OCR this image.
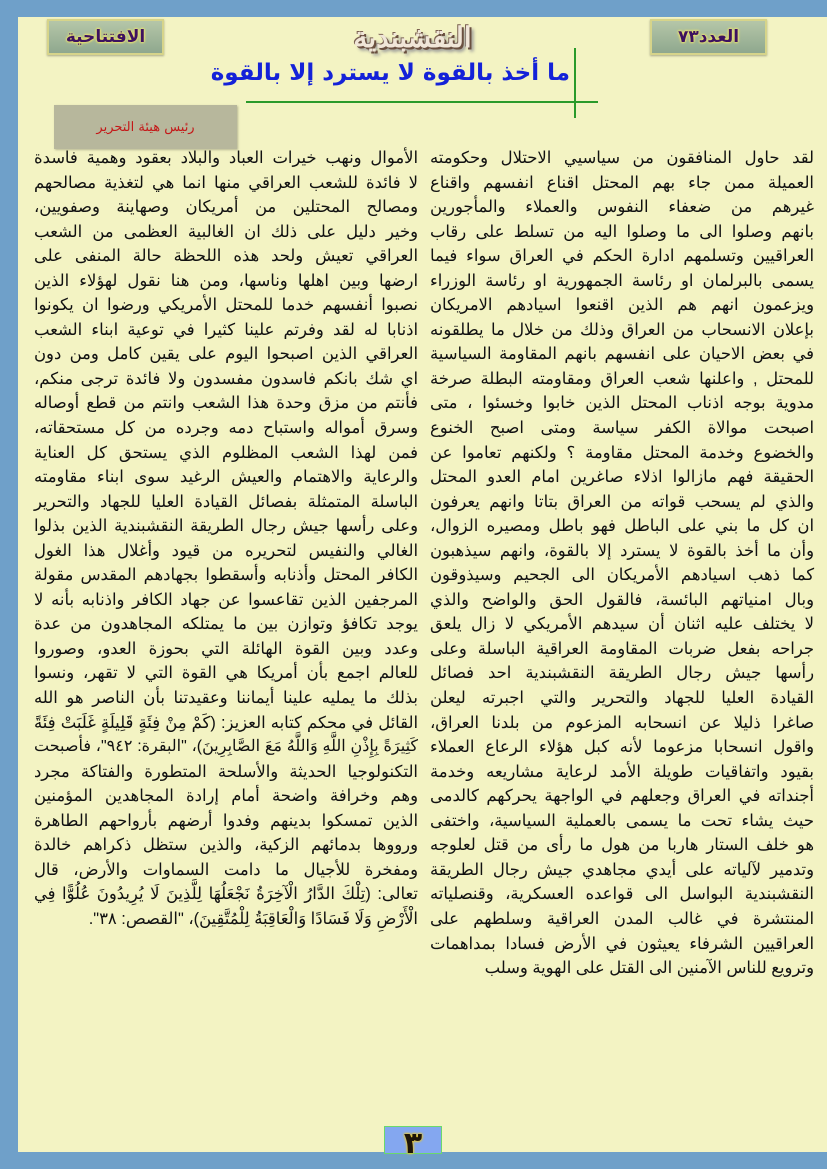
الافتتاحية	العدد٧٣
النقشبندية
ما أخذ بالقوة لا يسترد إلا بالقوة
رئيس هيئة التحرير

لقد حاول المنافقون من سياسيي الاحتلال وحكومته

العميلة ممن جاء بهم المحتل اقناع انفسهم واقناع

غيرهم من ضعفاء النفوس والعملاء والمأجورين

بانهم وصلوا الى ما وصلوا اليه من تسلط على رقاب

العراقيين وتسلمهم ادارة الحكم في العراق سواء فيما

يسمى بالبرلمان او رئاسة الجمهورية او رئاسة الوزراء

ويزعمون انهم هم الذين اقنعوا اسيادهم الامريكان

بإعلان الانسحاب من العراق وذلك من خلال ما يطلقونه

في بعض الاحيان على انفسهم بانهم المقاومة السياسية

للمحتل , واعلنها شعب العراق ومقاومته البطلة صرخة

مدوية بوجه اذناب المحتل الذين خابوا وخسئوا ، متى

اصبحت موالاة الكفر سياسة ومتى اصبح الخنوع

والخضوع وخدمة المحتل مقاومة ؟ ولكنهم تعاموا عن

الحقيقة فهم مازالوا اذلاء صاغرين امام العدو المحتل

والذي لم يسحب قواته من العراق بتاتا وانهم يعرفون

ان كل ما بني على الباطل فهو باطل ومصيره الزوال،

وأن ما أخذ بالقوة لا يسترد إلا بالقوة، وانهم سيذهبون

كما ذهب اسيادهم الأمريكان الى الجحيم وسيذوقون

وبال امنياتهم البائسة، فالقول الحق والواضح والذي

لا يختلف عليه اثنان أن سيدهم الأمريكي لا زال يلعق

جراحه بفعل ضربات المقاومة العراقية الباسلة وعلى

رأسها جيش رجال الطريقة النقشبندية احد فصائل

القيادة العليا للجهاد والتحرير والتي اجبرته ليعلن

صاغرا ذليلا عن انسحابه المزعوم من بلدنا العراق،

واقول انسحابا مزعوما لأنه كبل هؤلاء الرعاع العملاء

بقيود واتفاقيات طويلة الأمد لرعاية مشاريعه وخدمة

أجنداته في العراق وجعلهم في الواجهة يحركهم كالدمى

حيث يشاء تحت ما يسمى بالعملية السياسية، واختفى

هو خلف الستار هاربا من هول ما رأى من قتل لعلوجه

وتدمير لآلياته على أيدي مجاهدي جيش رجال الطريقة

النقشبندية البواسل الى قواعده العسكرية، وقنصلياته

المنتشرة في غالب المدن العراقية وسلطهم على

العراقيين الشرفاء يعيثون في الأرض فسادا بمداهمات

وترويع للناس الآمنين الى القتل على الهوية وسلب

الأموال ونهب خيرات العباد والبلاد بعقود وهمية فاسدة

لا فائدة للشعب العراقي منها انما هي لتغذية مصالحهم

ومصالح المحتلين من أمريكان وصهاينة وصفويين،

وخير دليل على ذلك ان الغالبية العظمى من الشعب

العراقي تعيش ولحد هذه اللحظة حالة المنفى على

ارضها وبين اهلها وناسها، ومن هنا نقول لهؤلاء الذين

نصبوا أنفسهم خدما للمحتل الأمريكي ورضوا ان يكونوا

اذنابا له لقد وفرتم علينا كثيرا في توعية ابناء الشعب

العراقي الذين اصبحوا اليوم على يقين كامل ومن دون

اي شك بانكم فاسدون مفسدون ولا فائدة ترجى منكم،

فأنتم من مزق وحدة هذا الشعب وانتم من قطع أوصاله

وسرق أمواله واستباح دمه وجرده من كل مستحقاته،

فمن لهذا الشعب المظلوم الذي يستحق كل العناية

والرعاية والاهتمام والعيش الرغيد سوى ابناء مقاومته

الباسلة المتمثلة بفصائل القيادة العليا للجهاد والتحرير

وعلى رأسها جيش رجال الطريقة النقشبندية الذين بذلوا

الغالي والنفيس لتحريره من قيود وأغلال هذا الغول

الكافر المحتل وأذنابه وأسقطوا بجهادهم المقدس مقولة

المرجفين الذين تقاعسوا عن جهاد الكافر واذنابه بأنه لا

يوجد تكافؤ وتوازن بين ما يمتلكه المجاهدون من عدة

وعدد وبين القوة الهائلة التي بحوزة العدو، وصوروا

للعالم اجمع بأن أمريكا هي القوة التي لا تقهر، ونسوا

بذلك ما يمليه علينا أيماننا وعقيدتنا بأن الناصر هو الله

القائل في محكم كتابه العزيز: (كَمْ مِنْ فِئَةٍ قَلِيلَةٍ غَلَبَتْ فِئَةً

كَثِيرَةً بِإِذْنِ اللَّهِ وَاللَّهُ مَعَ الصَّابِرِينَ)، "البقرة: ٩٤٢"، فأصبحت

التكنولوجيا الحديثة والأسلحة المتطورة والفتاكة مجرد

وهم وخرافة واضحة أمام إرادة المجاهدين المؤمنين

الذين تمسكوا بدينهم وفدوا أرضهم بأرواحهم الطاهرة

ورووها بدمائهم الزكية، والذين ستظل ذكراهم خالدة

ومفخرة للأجيال ما دامت السماوات والأرض، قال

تعالى: (تِلْكَ الدَّارُ الْآخِرَةُ نَجْعَلُهَا لِلَّذِينَ لَا يُرِيدُونَ عُلُوًّا فِي

الْأَرْضِ وَلَا فَسَادًا وَالْعَاقِبَةُ لِلْمُتَّقِينَ)، "القصص: ٣٨".

٣
